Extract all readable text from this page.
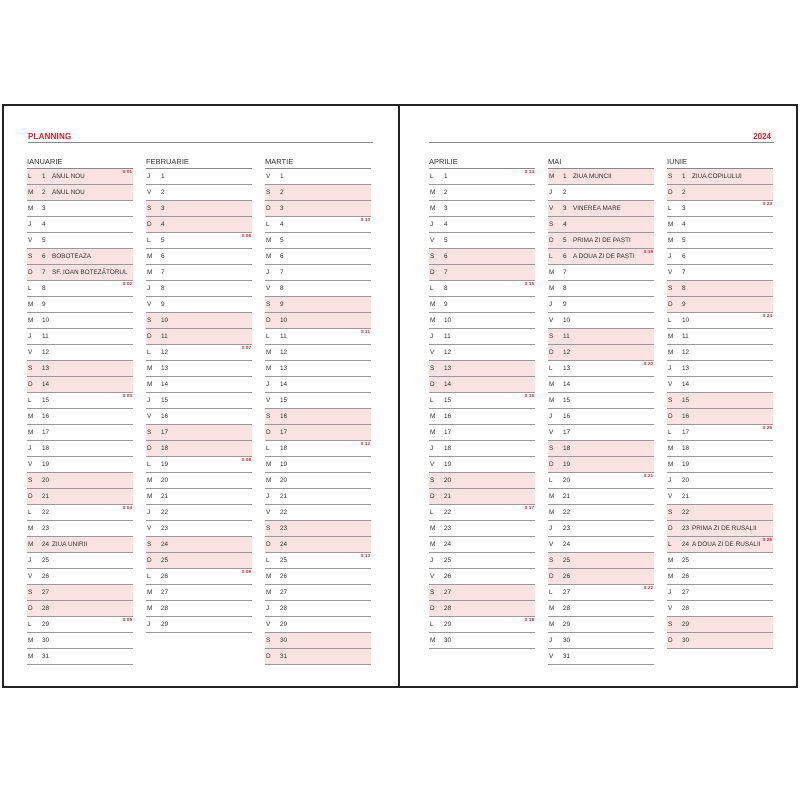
PLANNING
IANUARIE
L	1	ANUL NOU
S 01
M	2	ANUL NOU
M	3
J	4
V	5
S	6	BOBOTEAZA
D	7	SF. IOAN BOTEZĂTORUL
L	8
S 02
M	9
M	10
J	11
V	12
S	13
D	14
L	15
S 03
M	16
M	17
J	18
V	19
S	20
D	21
L	22
S 04
M	23
M	24 ZIUA UNIRII
J	25
V	26
S	27
D	28
L	29
S 05
M	30
M	31
FEBRUARIE
J	1
V	2
S	3
D	4
L	5
S 06
M	6
M	7
J	8
V	9
S	10
D	11
L	12
S 07
M	13
M	14
J	15
V	16
S	17
D	18
L	19
S 08
M	20
M	21
J	22
V	23
S	24
D	25
L	26
S 09
M	27
M	28
J	29
MARTIE
V	1
S	2
D	3
L	4
S 10
M	5
M	6
J	7
V	8
S	9
D	10
L	11
S 11
M	12
M	13
J	14
V	15
S	16
D	17
L	18
S 12
M	19
M	20
J	21
V	22
S	23
D	24
L	25
S 13
M	26
M	27
J	28
V	29
S	30
D	31
2024
APRILIE
L	1
S 14
M	2
M	3
J	4
V	5
S	6
D	7
L	8
S 15
M	9
M	10
J	11
V	12
S	13
D	14
L	15
S 16
M	16
M	17
J	18
V	19
S	20
D	21
L	22
S 17
M	23
M	24
J	25
V	26
S	27
D	28
L	29
S 18
M	30
MAI
M	1	ZIUA MUNCII
J	2
V	3	VINEREA MARE
S	4
D	5	PRIMA ZI DE PAȘTI
L	6	A DOUA ZI DE PAȘTI
S 19
M	7
M	8
J	9
V	10
S	11
D	12
L	13
S 20
M	14
M	15
J	16
V	17
S	18
D	19
L	20
S 21
M	21
M	22
J	23
V	24
S	25
D	26
L	27
S 22
M	28
M	29
J	30
V	31
IUNIE
S	1	ZIUA COPILULUI
D	2
L	3
S 23
M	4
M	5
J	6
V	7
S	8
D	9
L	10
S 24
M	11
M	12
J	13
V	14
S	15
D	16
L	17
S 25
M	18
M	19
J	20
V	21
S	22
D	23 PRIMA ZI DE RUSALII
L	24 A DOUA ZI DE RUSALII
S 26
M	25
M	26
J	27
V	28
S	29
D	30
